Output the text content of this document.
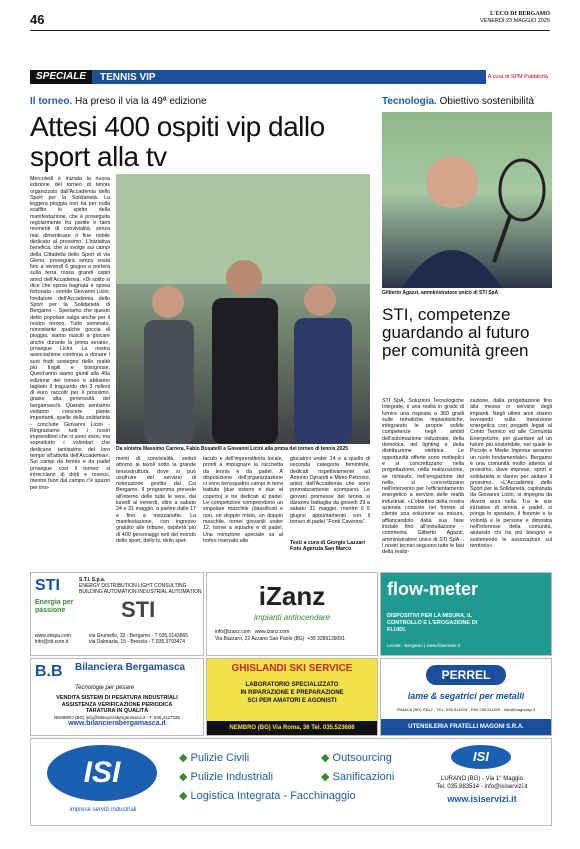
46	L'ECO DI BERGAMO
VENERDÌ 23 MAGGIO 2025
SPECIALE	TENNIS VIP	A cura di SPM Pubblicità
Il torneo. Ha preso il via la 49ª edizione
Attesi 400 ospiti vip dallo sport alla tv
Mercoledì è iniziata la nuova edizione del torneo di tennis organizzato dall'Accademia dello Sport per la Solidarietà. La leggera pioggia non ha per nulla scalfito lo spirito della manifestazione, che è proseguita regolarmente fra partite e tanti momenti di convivialità, senza mai dimenticare il fine nobile dedicato al prossimo. L'iniziativa benefica, che si svolge sui campi della Cittadella dello Sport di via Gleno, proseguirà senza sosta fino a venerdì 6 giugno e porterà sulla terra rossa grandi ospiti amici dell'Accademia. «Di solito si dice che sposa bagnata è sposa fortunata - sorride Giovanni Licini, fondatore dell'Accademia dello Sport per la Solidarietà di Bergamo -. Speriamo che questo detto popolare valga anche per il nostro torneo. Tutto sommato, nonostante qualche goccia di pioggia, siamo riusciti a giocare anche durante la prima serata», prosegue Licini. La nostra associazione continua a donare i suoi frutti sostegno delle realtà più fragili e bisognose. Quest'anno siamo giunti alla 49a edizione del torneo e abbiamo tagliato il traguardo dei 3 milioni di euro raccolti per il prossimo, grazie alla generosità dei bergamaschi. Quando sentiamo vedamo crescere piante importanti, quelle della solidarietà - conclude Giovanni Licini - Ringraziamo tutti i nostri imprenditori che ci sono vicini, ma soprattutto i volontari che dedicano tantissimo del loro tempo all'attività dell'Accademia». Sui campi da tennis e da padel prosegue così il torneo: si intrecciano di dritti e rovesci, mentre fuori dal campo c'è spazio per imo-
Da sinistra Massimo Carrera, Fabio Bosatelli e Giovanni Licini alla prima del torneo di tennis 2025
menti di convivialità, seduti attorno ai tavoli sotto la grande tensostruttura, dove si può usufruire del servizio di ristorazione gestito dal Csi Bergamo. Il programma prevede all'interno delle tutte le sere, dal lunedì al venerdì, oltre a sabato 24 e 31 maggio, a partire dalle 17 e fino a mezzanotte. La manifestazione, con ingresso gratuito alle tribune, ospiterà più di 400 personaggi noti del mondo dello sport, dello tv, dello spet-
tacolo e dell'imprenditoria locale, pronti a impugnare la racchetta da tennis e da padel. A disposizione dell'organizzazione ci sono bensquattro campi in terra battuta (due esterni e due al coperto) e tre dedicati al padel. Le competizioni comprendono un singolare maschile (dassificati e non, un doppio misto, un doppio maschile, tornei giovanili under 12, tornei a squadre e di padel. Una menzione speciale va al trofeo riservato alle
giocatrici under 14 e a quello di seconda categoria femminile, dedicati rispettivamente ad Antonio Oprandi e Mirko Petronio, amici dell'Accademia che sono prematuramente scomparsi. Le giovani promesse del tennis si daranno battaglia da giovedì 29 a sabato 31 maggio, mentre il 5 giugno appuntamento con il torneo di padel "Fonti Caverina".
Testi a cura di Giorgio Lazzari
Foto Agenzia San Marco
Tecnologia. Obiettivo sostenibilità
Gilberto Agazzi, amministratore unico di STI SpA
STI, competenze guardando al futuro per comunità green
STI SpA, Soluzioni Tecnologiche Integrate, è una realtà in grado di fornire una risposta a 360 gradi sulle tematiche impiantistiche, integrando le proprie solide competenze negli ambiti dell'automazione industriale, della domotica, del lighting e della distribuzione elettrica. Le opportunità offerte sono molteplici e si concretizzano nella progettazione, nella realizzazione, se richiesto, nell'erogazione del nelle, si concretizzano nell'intervento per l'efficientamento energetico a servizio delle realtà industriali. «L'obiettivo della nostra azienda consiste nel fornire al cliente una soluzione su misura, affiancandolo dalla sua fase iniziale fino all'installazione - commenta Gilberto Agazzi, amministratore unico di STI SpA -. I nostri tecnici seguono tutte le fasi della realiz-
zazione, dalla progettazione fino alla messa in servizio degli impianti. Negli ultimi anni stiamo lavorando sulla transizione energetica con progetti legati al Conto Termico ed alle Comunità Energetiche, per guardare ad un futuro più sostenibile, nel quale le Piccole e Medie Imprese avranno un ruolo fondamentale». Bergamo è una comunità molto attenta al prossimo, dove imprese, sport e solidarietà si danno per aiutare il prossimo. «L'Accademia dello Sport per la Solidarietà, capitanata da Giovanni Licini, si impegna da diversi anni nella. Tra le sue iniziative di tennis e padel, si ponga lo spostare, il fiorente e la volontà e le persone e dimostra nell'interesse della comunità, aiutando chi ha più bisogno e sostenendo le associazioni sul territorio».
STI	S.T.I. S.p.a.
ENERGY DISTRIBUTION LIGHT CONSULTING
BUILDING AUTOMATION INDUSTRIAL AUTOMATION
Energia per passione	STI
www.stispa.com
info@sti-com.it
via Grumello, 32 - Bergamo - T 035.0143865
via Dalmazia, 15 - Brescia - T 035.3793474
iZanz
impianti antincendare
info@izanz.com www.izanz.com
Via Bazzaro, 22 Azzano San Paolo (BG) +39 3289139091
flow-meter
DISPOSITIVI PER LA MISURA, IL CONTROLLO E L'EROGAZIONE DI FLUIDI.
Levate - Bergamo | www.flowmeter.it
B.B Bilanciera Bergamasca
Tecnologie per pesare
VENDITA SISTEMI DI PESATURA INDUSTRIALI
ASSISTENZA VERIFICAZIONE PERIODICA
TARATURA IN QUALITÀ
NEMBRO (BG) info@bilancierabergamasca.it - T. 035.4127335
www.bilancierabergamasca.it
GHISLANDI SKI SERVICE
LABORATORIO SPECIALIZZATO
IN RIPARAZIONE E PREPARAZIONE
SCI PER AMATORI E AGONISTI
NEMBRO (BG) Via Roma, 36 Tel. 035.523686
PERREL
lame & segatrici per metalli
RANICA (BG) ITALY - TEL. 035 514019 - FAX 035 511029 - info@magonisp.it
UTENSILERIA FRATELLI MAGONI S.R.A.
ISI
imprese servizi industriali
◆ Pulizie Civili
◆ Pulizie Industriali
◆ Logistica Integrata - Facchinaggio
◆ Outsourcing
◆ Sanificazioni
ISI
LURANO (BG) - Via 1° Maggio
Tel. 035.883514 - info@isiservizi.it
www.isiservizi.it
